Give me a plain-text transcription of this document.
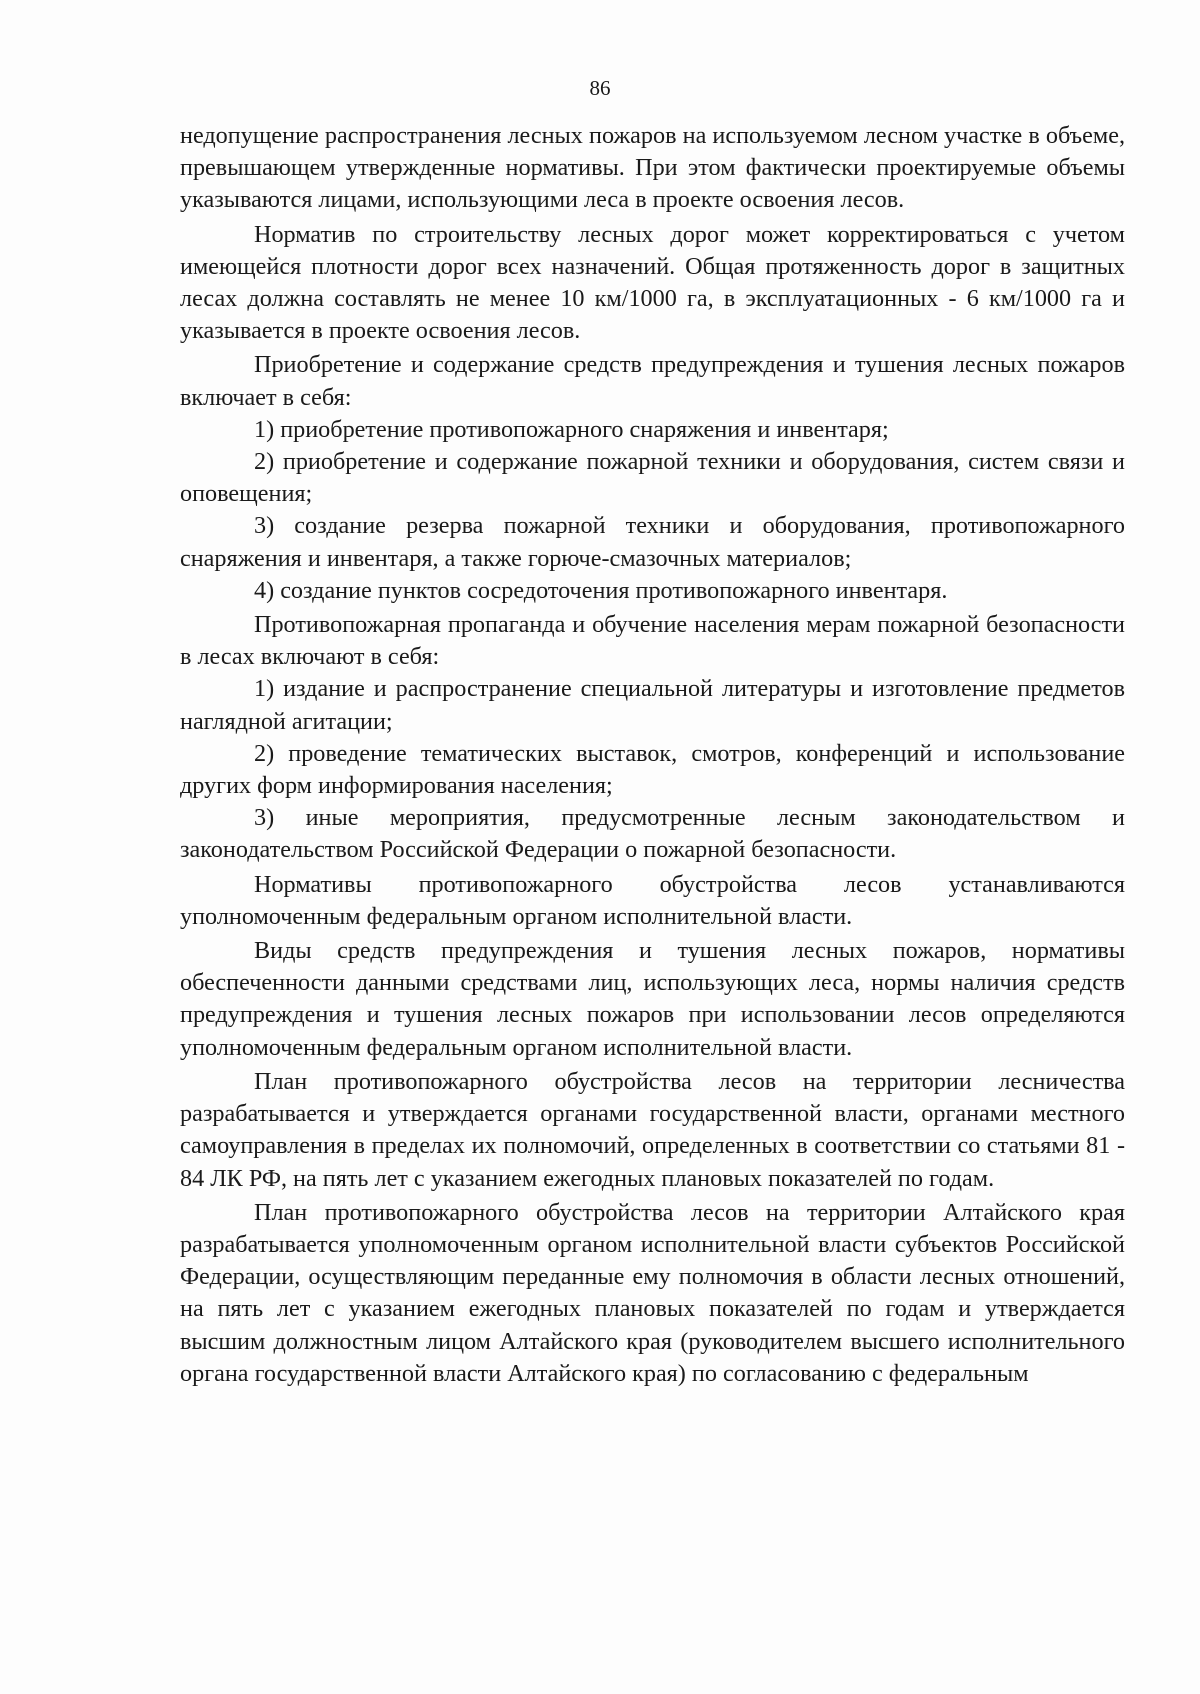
86

недопущение распространения лесных пожаров на используемом лесном участке в объеме, превышающем утвержденные нормативы. При этом фактически проектируемые объемы указываются лицами, использующими леса в проекте освоения лесов.

Норматив по строительству лесных дорог может корректироваться с учетом имеющейся плотности дорог всех назначений. Общая протяженность дорог в защитных лесах должна составлять не менее 10 км/1000 га, в эксплуатационных - 6 км/1000 га и указывается в проекте освоения лесов.

Приобретение и содержание средств предупреждения и тушения лесных пожаров включает в себя:

1) приобретение противопожарного снаряжения и инвентаря;

2) приобретение и содержание пожарной техники и оборудования, систем связи и оповещения;

3) создание резерва пожарной техники и оборудования, противопожарного снаряжения и инвентаря, а также горюче-смазочных материалов;

4) создание пунктов сосредоточения противопожарного инвентаря.

Противопожарная пропаганда и обучение населения мерам пожарной безопасности в лесах включают в себя:

1) издание и распространение специальной литературы и изготовление предметов наглядной агитации;

2) проведение тематических выставок, смотров, конференций и использование других форм информирования населения;

3) иные мероприятия, предусмотренные лесным законодательством и законодательством Российской Федерации о пожарной безопасности.

Нормативы противопожарного обустройства лесов устанавливаются уполномоченным федеральным органом исполнительной власти.

Виды средств предупреждения и тушения лесных пожаров, нормативы обеспеченности данными средствами лиц, использующих леса, нормы наличия средств предупреждения и тушения лесных пожаров при использовании лесов определяются уполномоченным федеральным органом исполнительной власти.

План противопожарного обустройства лесов на территории лесничества разрабатывается и утверждается органами государственной власти, органами местного самоуправления в пределах их полномочий, определенных в соответствии со статьями 81 - 84 ЛК РФ, на пять лет с указанием ежегодных плановых показателей по годам.

План противопожарного обустройства лесов на территории Алтайского края разрабатывается уполномоченным органом исполнительной власти субъектов Российской Федерации, осуществляющим переданные ему полномочия в области лесных отношений, на пять лет с указанием ежегодных плановых показателей по годам и утверждается высшим должностным лицом Алтайского края (руководителем высшего исполнительного органа государственной власти Алтайского края) по согласованию с федеральным
